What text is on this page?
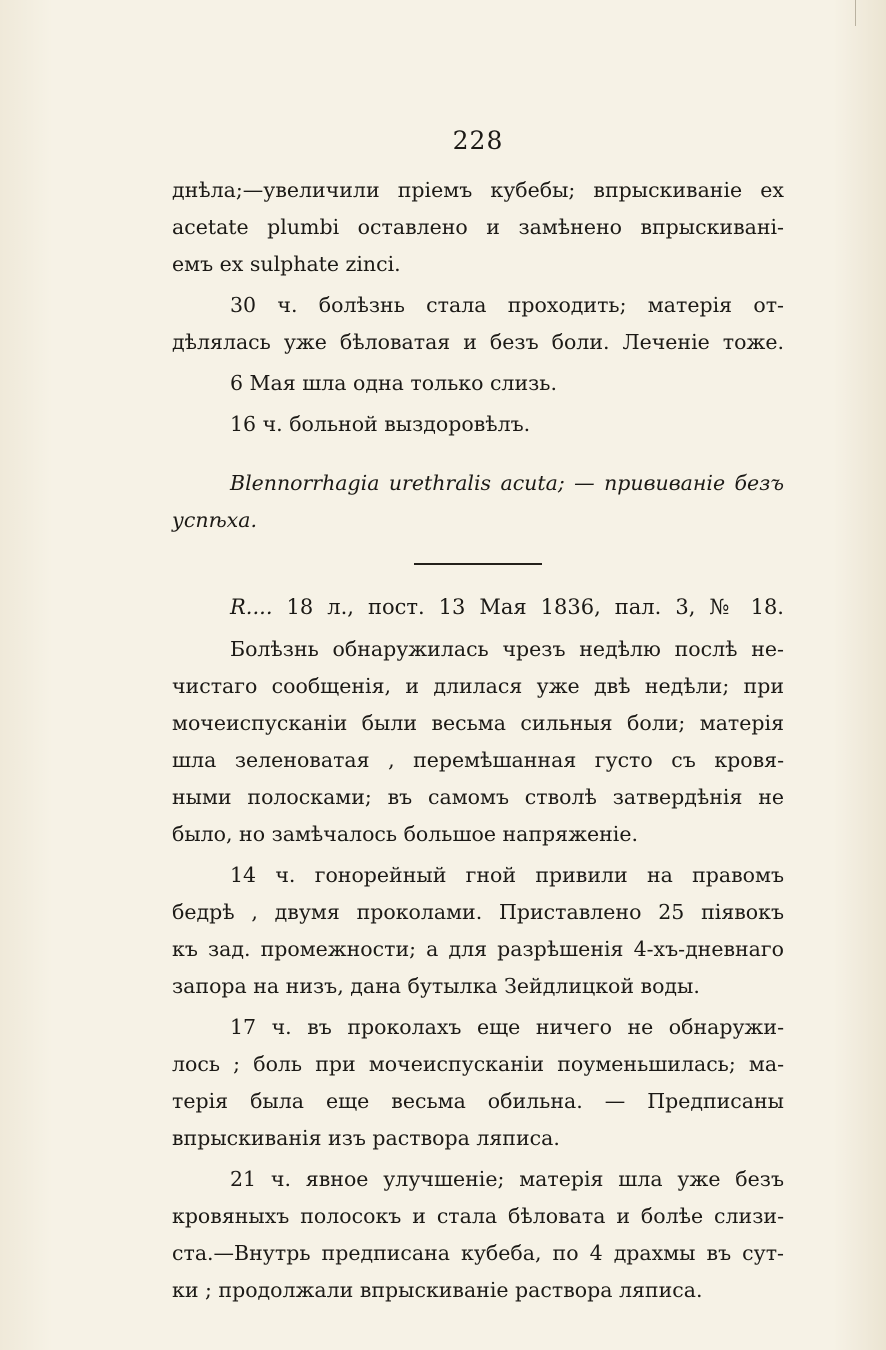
228

днѣла;—увеличили пріемъ кубебы; впрыскиваніе ex

acetate plumbi оставлено и замѣнено впрыскивані-

емъ ex sulphate zinci.

30 ч. болѣзнь стала проходить; матерія от-

дѣлялась уже бѣловатая и безъ боли. Леченіе тоже.

6 Мая шла одна только слизь.

16 ч. больной выздоровѣлъ.

Blennorrhagia urethralis acuta; — прививаніе безъ

успѣха.

R.... 18 л., пост. 13 Мая 1836, пал. 3, № 18.

Болѣзнь обнаружилась чрезъ недѣлю послѣ не-

чистаго сообщенія, и длилася уже двѣ недѣли; при

мочеиспусканіи были весьма сильныя боли; матерія

шла зеленоватая , перемѣшанная густо съ кровя-

ными полосками; въ самомъ стволѣ затвердѣнія не

было, но замѣчалось большое напряженіе.

14 ч. гонорейный гной привили на правомъ

бедрѣ , двумя проколами. Приставлено 25 піявокъ

къ зад. промежности; а для разрѣшенія 4-хъ-дневнаго

запора на низъ, дана бутылка Зейдлицкой воды.

17 ч. въ проколахъ еще ничего не обнаружи-

лось ; боль при мочеиспусканіи поуменьшилась; ма-

терія была еще весьма обильна. — Предписаны

впрыскиванія изъ раствора ляписа.

21 ч. явное улучшеніе; матерія шла уже безъ

кровяныхъ полосокъ и стала бѣловата и болѣе слизи-

ста.—Внутрь предписана кубеба, по 4 драхмы въ сут-

ки ; продолжали впрыскиваніе раствора ляписа.
